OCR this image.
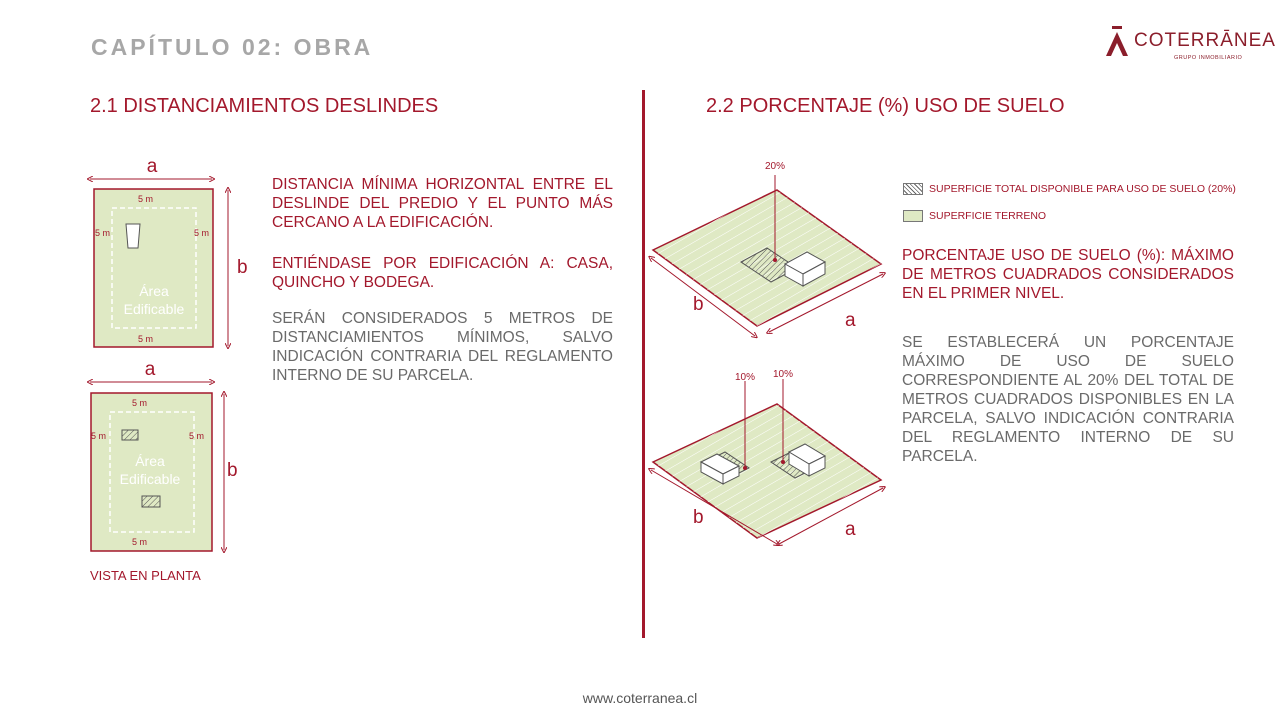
CAPÍTULO 02: OBRA	COTERRĀNEA
GRUPO INMOBILIARIO
2.1 DISTANCIAMIENTOS DESLINDES	2.2 PORCENTAJE (%) USO DE SUELO
a
b
5 m
5 m	5 m
5 m
Área
Edificable
a
b
5 m
5 m	5 m
5 m
Área
Edificable
DISTANCIA MÍNIMA HORIZONTAL ENTRE EL DESLINDE DEL PREDIO Y EL PUNTO MÁS CERCANO A LA EDIFICACIÓN.
ENTIÉNDASE POR EDIFICACIÓN A: CASA, QUINCHO Y BODEGA.
SERÁN CONSIDERADOS 5 METROS DE DISTANCIAMIENTOS MÍNIMOS, SALVO INDICACIÓN CONTRARIA DEL REGLAMENTO INTERNO DE SU PARCELA.
VISTA EN PLANTA
20%
b
a
10% 10%
b
a
SUPERFICIE TOTAL DISPONIBLE PARA USO DE SUELO (20%)
SUPERFICIE TERRENO
PORCENTAJE USO DE SUELO (%): MÁXIMO DE METROS CUADRADOS CONSIDERADOS EN EL PRIMER NIVEL.
SE ESTABLECERÁ UN PORCENTAJE MÁXIMO DE USO DE SUELO CORRESPONDIENTE AL 20% DEL TOTAL DE METROS CUADRADOS DISPONIBLES EN LA PARCELA, SALVO INDICACIÓN CONTRARIA DEL REGLAMENTO INTERNO DE SU PARCELA.
www.coterranea.cl
